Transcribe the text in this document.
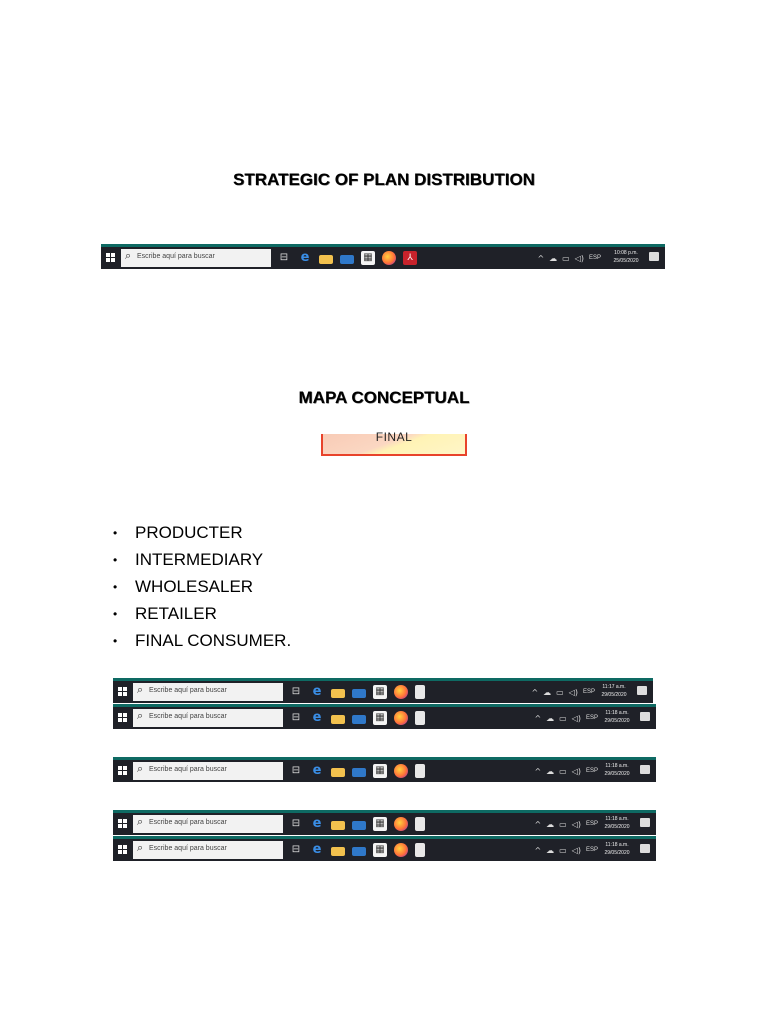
STRATEGIC OF PLAN DISTRIBUTION
⌕ Escribe aquí para buscar	⊟ e	▦	⅄	^ ☁ ▭ ◁) ESP
10:08 p.m.
25/05/2020
MAPA CONCEPTUAL
FINAL
• PRODUCTER
• INTERMEDIARY
• WHOLESALER
• RETAILER
• FINAL CONSUMER.
⌕ Escribe aquí para buscar	⊟ e	▦	^ ☁ ▭ ◁) ESP
11:17 a.m.
29/05/2020
⌕ Escribe aquí para buscar	⊟ e	▦	^ ☁ ▭ ◁) ESP
11:18 a.m.
29/05/2020
⌕ Escribe aquí para buscar	⊟ e	▦	^ ☁ ▭ ◁) ESP
11:18 a.m.
29/05/2020
⌕ Escribe aquí para buscar	⊟ e	▦	^ ☁ ▭ ◁) ESP
11:18 a.m.
29/05/2020
⌕ Escribe aquí para buscar	⊟ e	▦	^ ☁ ▭ ◁) ESP
11:18 a.m.
29/05/2020
